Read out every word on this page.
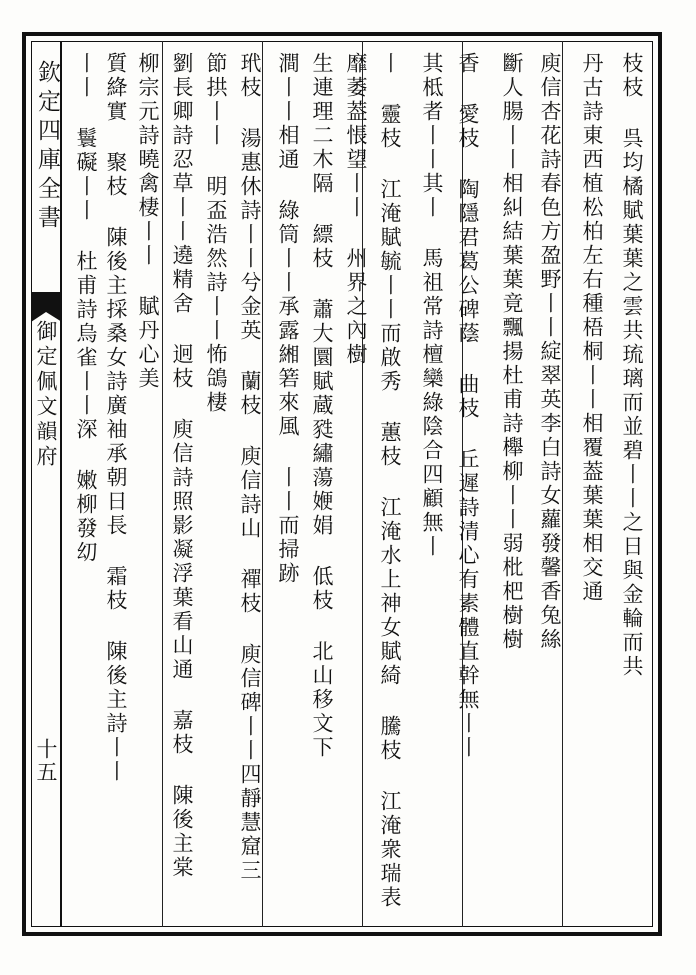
欽定四庫全書
御定佩文韻府
十五
枝枝 呉均橘賦葉葉之雲共琉璃而並碧丨丨之日與金輪而共
丹古詩東西植松柏左右種梧桐丨丨相覆葢葉葉相交通
庾信杏花詩春色方盈野丨丨綻翠英李白詩女蘿發馨香兔絲
斷人腸丨丨相糾結葉葉竟飄揚杜甫詩櫸柳丨丨弱枇杷樹樹
香 愛枝 陶隱君葛公碑蔭 曲枝 丘遲詩清心有素體直幹無丨丨
其柢者丨丨其丨 馬祖常詩檀欒綠陰合四顧無丨
丨 靈枝 江淹賦毓丨丨而啟秀 蕙枝 江淹水上神女賦綺 騰枝 江淹衆瑞表
靡萎葢悵望丨丨 州界之內樹
生連理二木隔 縹枝 蕭大圜賦蔵甤繡蕩㛹娟 低枝 北山移文下
澗丨丨相通 綠筒丨丨承露緗箬來風 丨丨而掃跡
玳枝 湯惠休詩丨丨兮金英 蘭枝 庾信詩山 禪枝 庾信碑丨丨四靜慧窟三
節拱丨丨 明盃浩然詩丨丨怖鴿棲
劉長卿詩忍草丨丨遶精舍 迥枝 庾信詩照影凝浮葉看山通 嘉枝 陳後主棠
柳宗元詩曉禽棲丨丨 賦丹心美
質絳實 聚枝 陳後主採桑女詩廣袖承朝日長 霜枝 陳後主詩丨丨
丨丨 鬟礙丨丨 杜甫詩烏雀丨丨深 嫩柳發㓜
